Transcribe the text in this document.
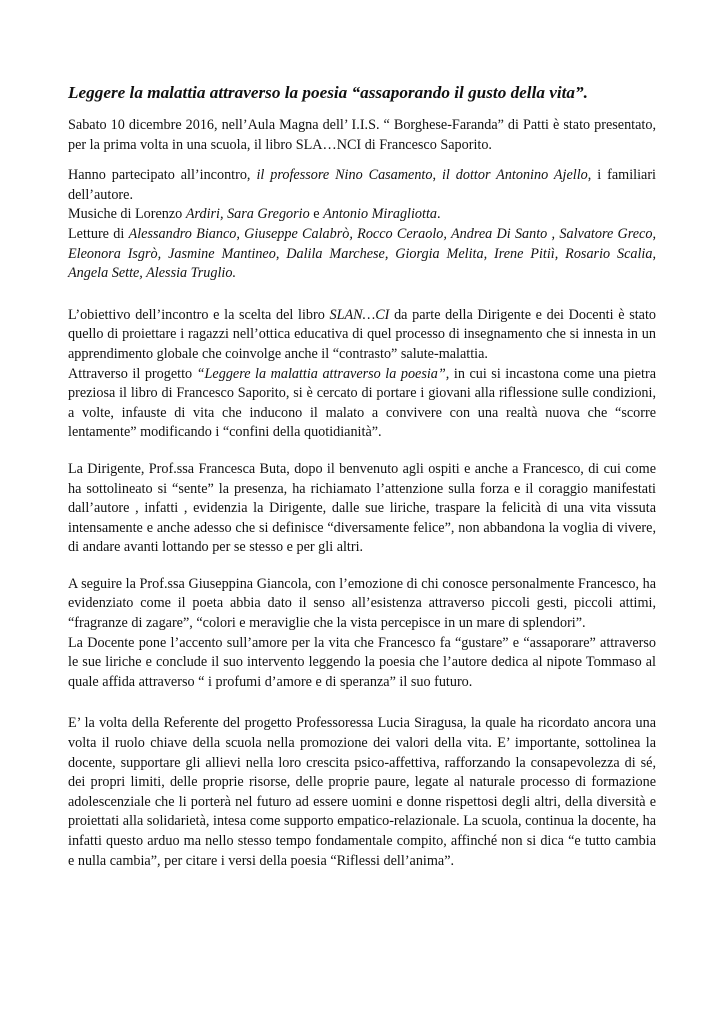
Leggere la malattia attraverso la poesia “assaporando il gusto della vita”.

Sabato 10 dicembre 2016, nell’Aula Magna dell’ I.I.S. “ Borghese-Faranda” di Patti è stato presentato, per la prima volta in una scuola, il libro SLA…NCI di Francesco Saporito.

Hanno partecipato all’incontro, il professore Nino Casamento, il dottor Antonino Ajello, i familiari dell’autore.

Musiche di Lorenzo Ardiri, Sara Gregorio e Antonio Miragliotta.

Letture di Alessandro Bianco, Giuseppe Calabrò, Rocco Ceraolo, Andrea Di Santo , Salvatore Greco, Eleonora Isgrò, Jasmine Mantineo, Dalila Marchese, Giorgia Melita, Irene Pitiì, Rosario Scalia, Angela Sette, Alessia Truglio.

L’obiettivo dell’incontro e la scelta del libro SLAN…CI da parte della Dirigente e dei Docenti è stato quello di proiettare i ragazzi nell’ottica educativa di quel processo di insegnamento che si innesta in un apprendimento globale che coinvolge anche il “contrasto” salute-malattia.

Attraverso il progetto “Leggere la malattia attraverso la poesia”, in cui si incastona come una pietra preziosa il libro di Francesco Saporito, si è cercato di portare i giovani alla riflessione sulle condizioni, a volte, infauste di vita che inducono il malato a convivere con una realtà nuova che “scorre lentamente” modificando i “confini della quotidianità”.

La Dirigente, Prof.ssa Francesca Buta, dopo il benvenuto agli ospiti e anche a Francesco, di cui come ha sottolineato si “sente” la presenza, ha richiamato l’attenzione sulla forza e il coraggio manifestati dall’autore , infatti , evidenzia la Dirigente, dalle sue liriche, traspare la felicità di una vita vissuta intensamente e anche adesso che si definisce “diversamente felice”, non abbandona la voglia di vivere, di andare avanti lottando per se stesso e per gli altri.

A seguire la Prof.ssa Giuseppina Giancola, con l’emozione di chi conosce personalmente Francesco, ha evidenziato come il poeta abbia dato il senso all’esistenza attraverso piccoli gesti, piccoli attimi, “fragranze di zagare”, “colori e meraviglie che la vista percepisce in un mare di splendori”.

La Docente pone l’accento sull’amore per la vita che Francesco fa “gustare” e “assaporare” attraverso le sue liriche e conclude il suo intervento leggendo la poesia che l’autore dedica al nipote Tommaso al quale affida attraverso “ i profumi d’amore e di speranza” il suo futuro.

E’ la volta della Referente del progetto Professoressa Lucia Siragusa, la quale ha ricordato ancora una volta il ruolo chiave della scuola nella promozione dei valori della vita. E’ importante, sottolinea la docente, supportare gli allievi nella loro crescita psico-affettiva, rafforzando la consapevolezza di sé, dei propri limiti, delle proprie risorse, delle proprie paure, legate al naturale processo di formazione adolescenziale che li porterà nel futuro ad essere uomini e donne rispettosi degli altri, della diversità e proiettati alla solidarietà, intesa come supporto empatico-relazionale. La scuola, continua la docente, ha infatti questo arduo ma nello stesso tempo fondamentale compito, affinché non si dica “e tutto cambia e nulla cambia”, per citare i versi della poesia “Riflessi dell’anima”.
